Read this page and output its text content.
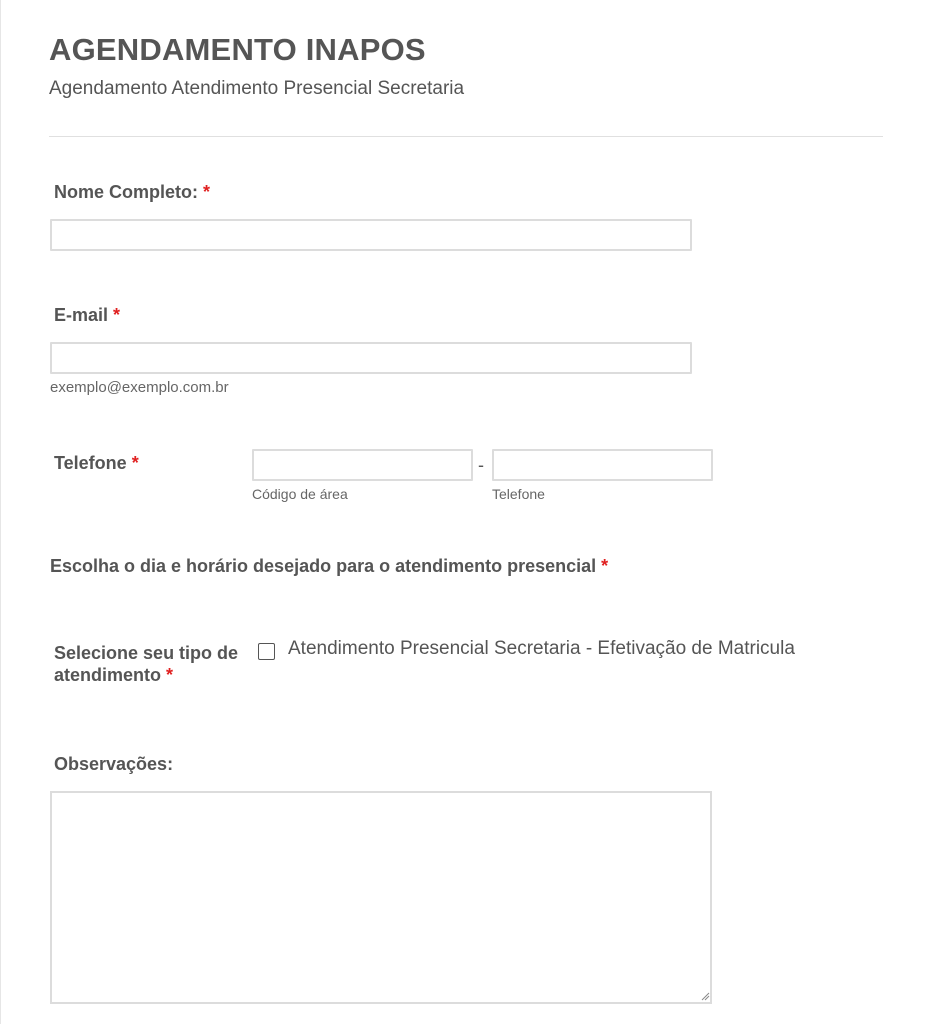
AGENDAMENTO INAPOS
Agendamento Atendimento Presencial Secretaria
Nome Completo: *
E-mail *
exemplo@exemplo.com.br
Telefone *	-
Código de área	Telefone
Escolha o dia e horário desejado para o atendimento presencial *
Selecione seu tipo de
atendimento *
Atendimento Presencial Secretaria - Efetivação de Matricula
Observações:
